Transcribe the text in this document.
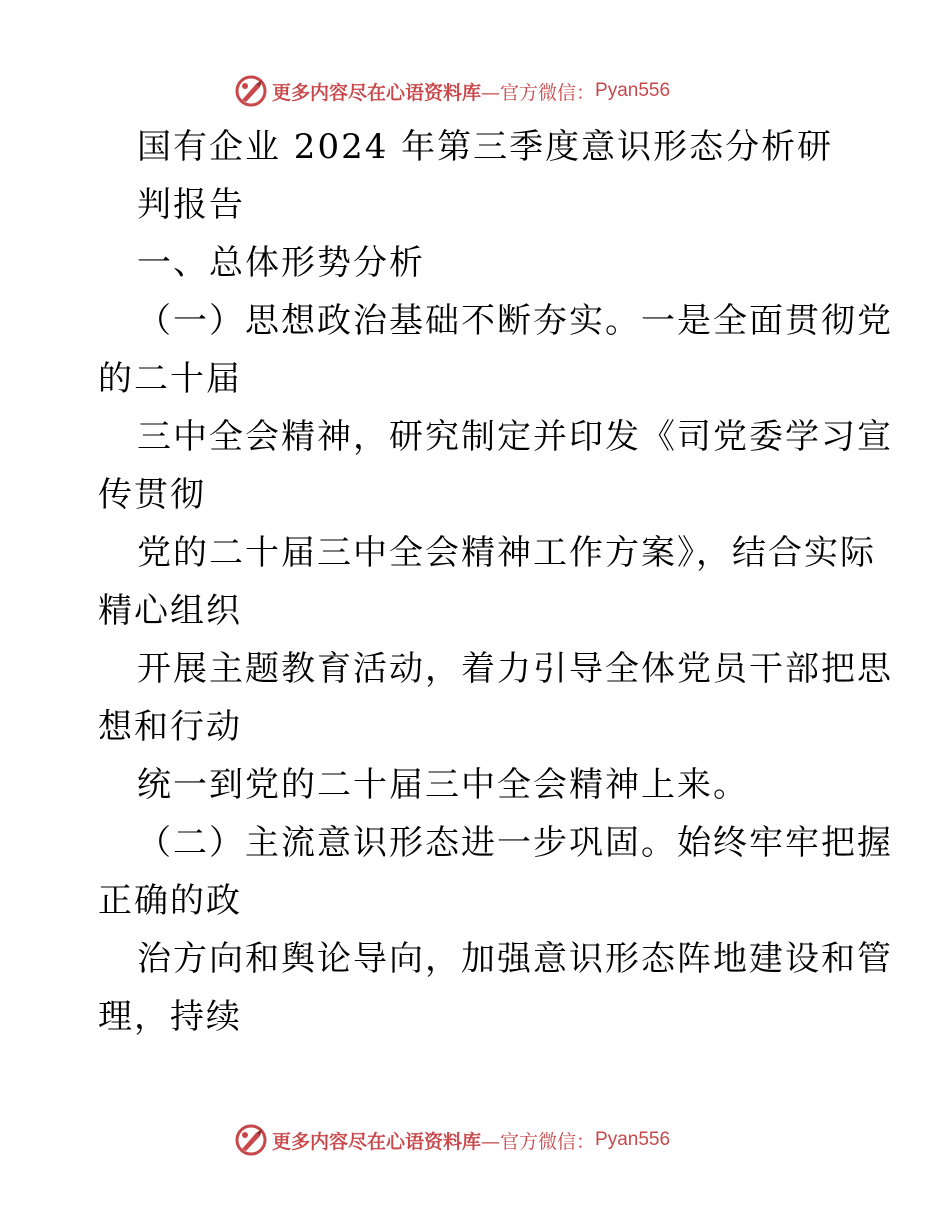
更多内容尽在心语资料库 —官方微信： Pyan556
国有企业 2024 年第三季度意识形态分析研
判报告
一、总体形势分析
（一）思想政治基础不断夯实。一是全面贯彻党
的二十届
三中全会精神，研究制定并印发《司党委学习宣
传贯彻
党的二十届三中全会精神工作方案》，结合实际
精心组织
开展主题教育活动，着力引导全体党员干部把思
想和行动
统一到党的二十届三中全会精神上来。
（二）主流意识形态进一步巩固。始终牢牢把握
正确的政
治方向和舆论导向，加强意识形态阵地建设和管
理，持续
更多内容尽在心语资料库 —官方微信： Pyan556
